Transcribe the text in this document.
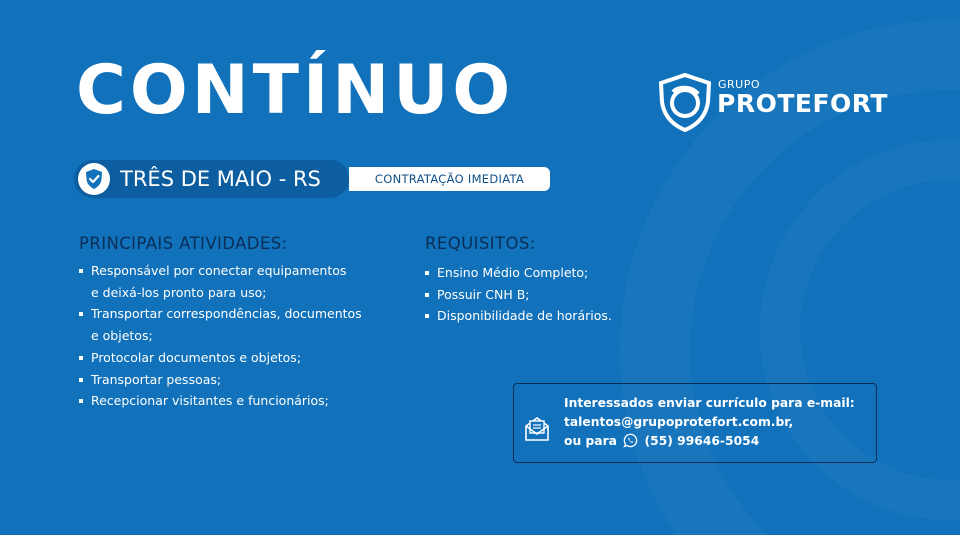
CONTÍNUO	GRUPO
PROTEFORT
TRÊS DE MAIO - RS	CONTRATAÇÃO IMEDIATA
PRINCIPAIS ATIVIDADES:
Responsável por conectar equipamentos
e deixá-los pronto para uso;
Transportar correspondências, documentos
e objetos;
Protocolar documentos e objetos;
Transportar pessoas;
Recepcionar visitantes e funcionários;
REQUISITOS:
Ensino Médio Completo;
Possuir CNH B;
Disponibilidade de horários.
Interessados enviar currículo para e-mail:
talentos@grupoprotefort.com.br,
ou para (55) 99646-5054
